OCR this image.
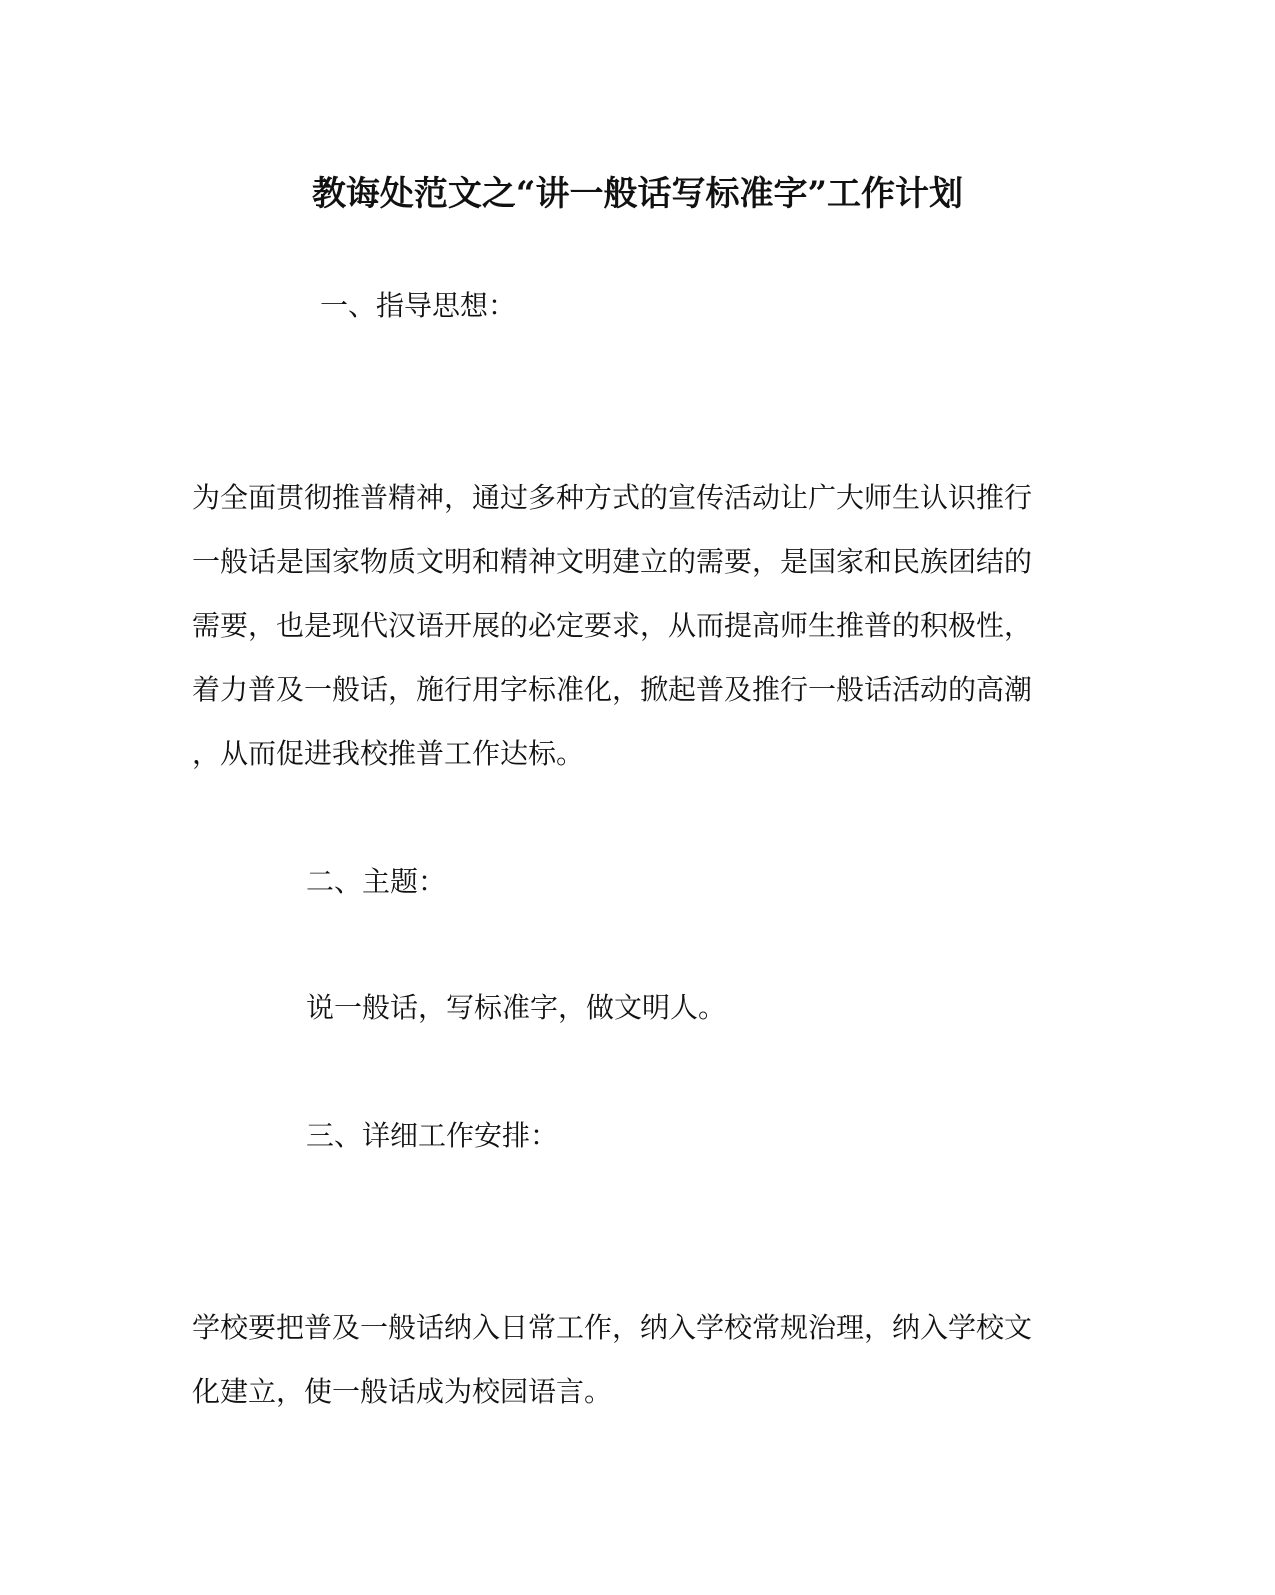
教诲处范文之“讲一般话写标准字”工作计划
一、指导思想：
为全面贯彻推普精神，通过多种方式的宣传活动让广大师生认识推行
一般话是国家物质文明和精神文明建立的需要，是国家和民族团结的
需要，也是现代汉语开展的必定要求，从而提高师生推普的积极性，
着力普及一般话，施行用字标准化，掀起普及推行一般话活动的高潮
，从而促进我校推普工作达标。
二、主题：
说一般话，写标准字，做文明人。
三、详细工作安排：
学校要把普及一般话纳入日常工作，纳入学校常规治理，纳入学校文
化建立，使一般话成为校园语言。
